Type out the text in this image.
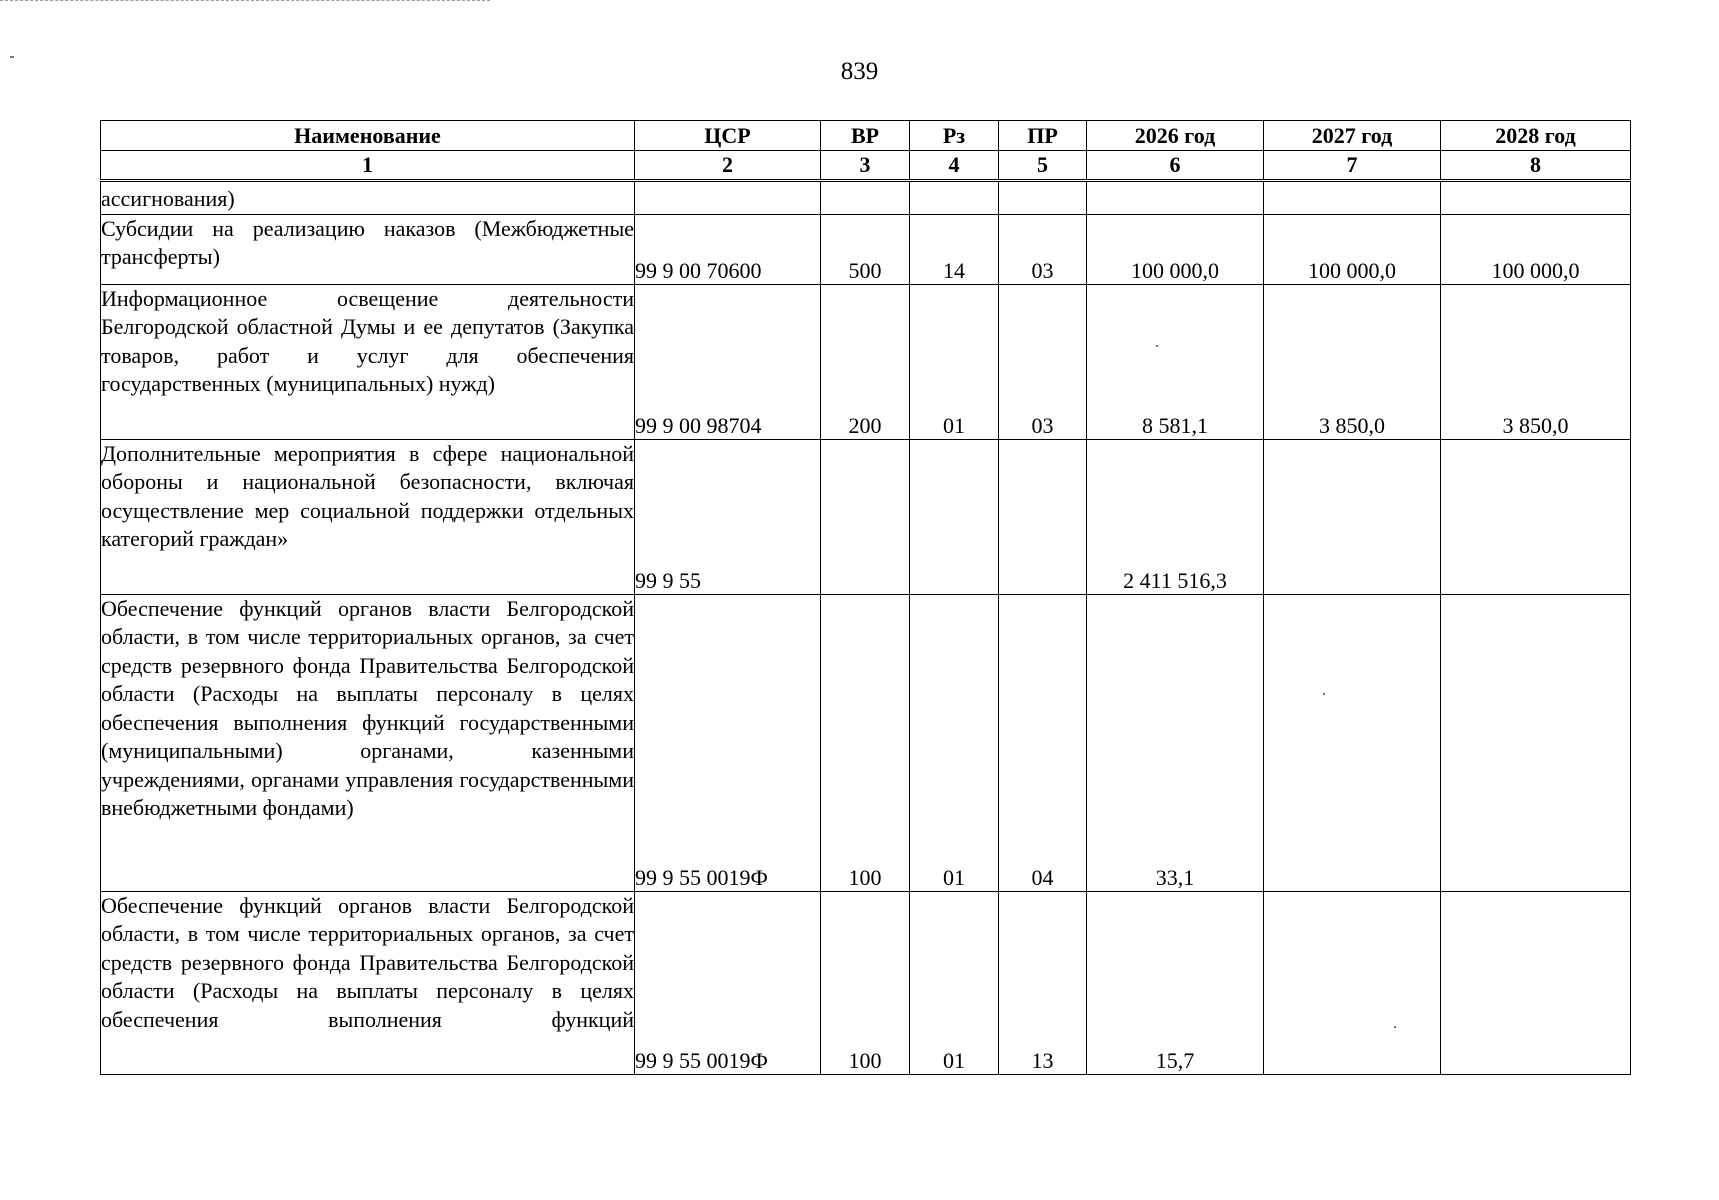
839
Наименование	ЦСР	ВР	Рз	ПР	2026 год	2027 год	2028 год
1	2	3	4	5	6	7	8
ассигнования)							
Субсидии на реализацию наказов (Межбюджетные трансферты)	99 9 00 70600	500	14	03	100 000,0	100 000,0	100 000,0
Информационное освещение деятельности Белгородской областной Думы и ее депутатов (Закупка товаров, работ и услуг для обеспечения государственных (муниципальных) нужд)	99 9 00 98704	200	01	03	8 581,1	3 850,0	3 850,0
Дополнительные мероприятия в сфере национальной обороны и национальной безопасности, включая осуществление мер социальной поддержки отдельных категорий граждан»	99 9 55				2 411 516,3		
Обеспечение функций органов власти Белгородской области, в том числе территориальных органов, за счет средств резервного фонда Правительства Белгородской области (Расходы на выплаты персоналу в целях обеспечения выполнения функций государственными (муниципальными) органами, казенными учреждениями, органами управления государственными внебюджетными фондами)	99 9 55 0019Ф	100	01	04	33,1		
Обеспечение функций органов власти Белгородской области, в том числе территориальных органов, за счет средств резервного фонда Правительства Белгородской области (Расходы на выплаты персоналу в целях обеспечения выполнения функций	99 9 55 0019Ф	100	01	13	15,7		
